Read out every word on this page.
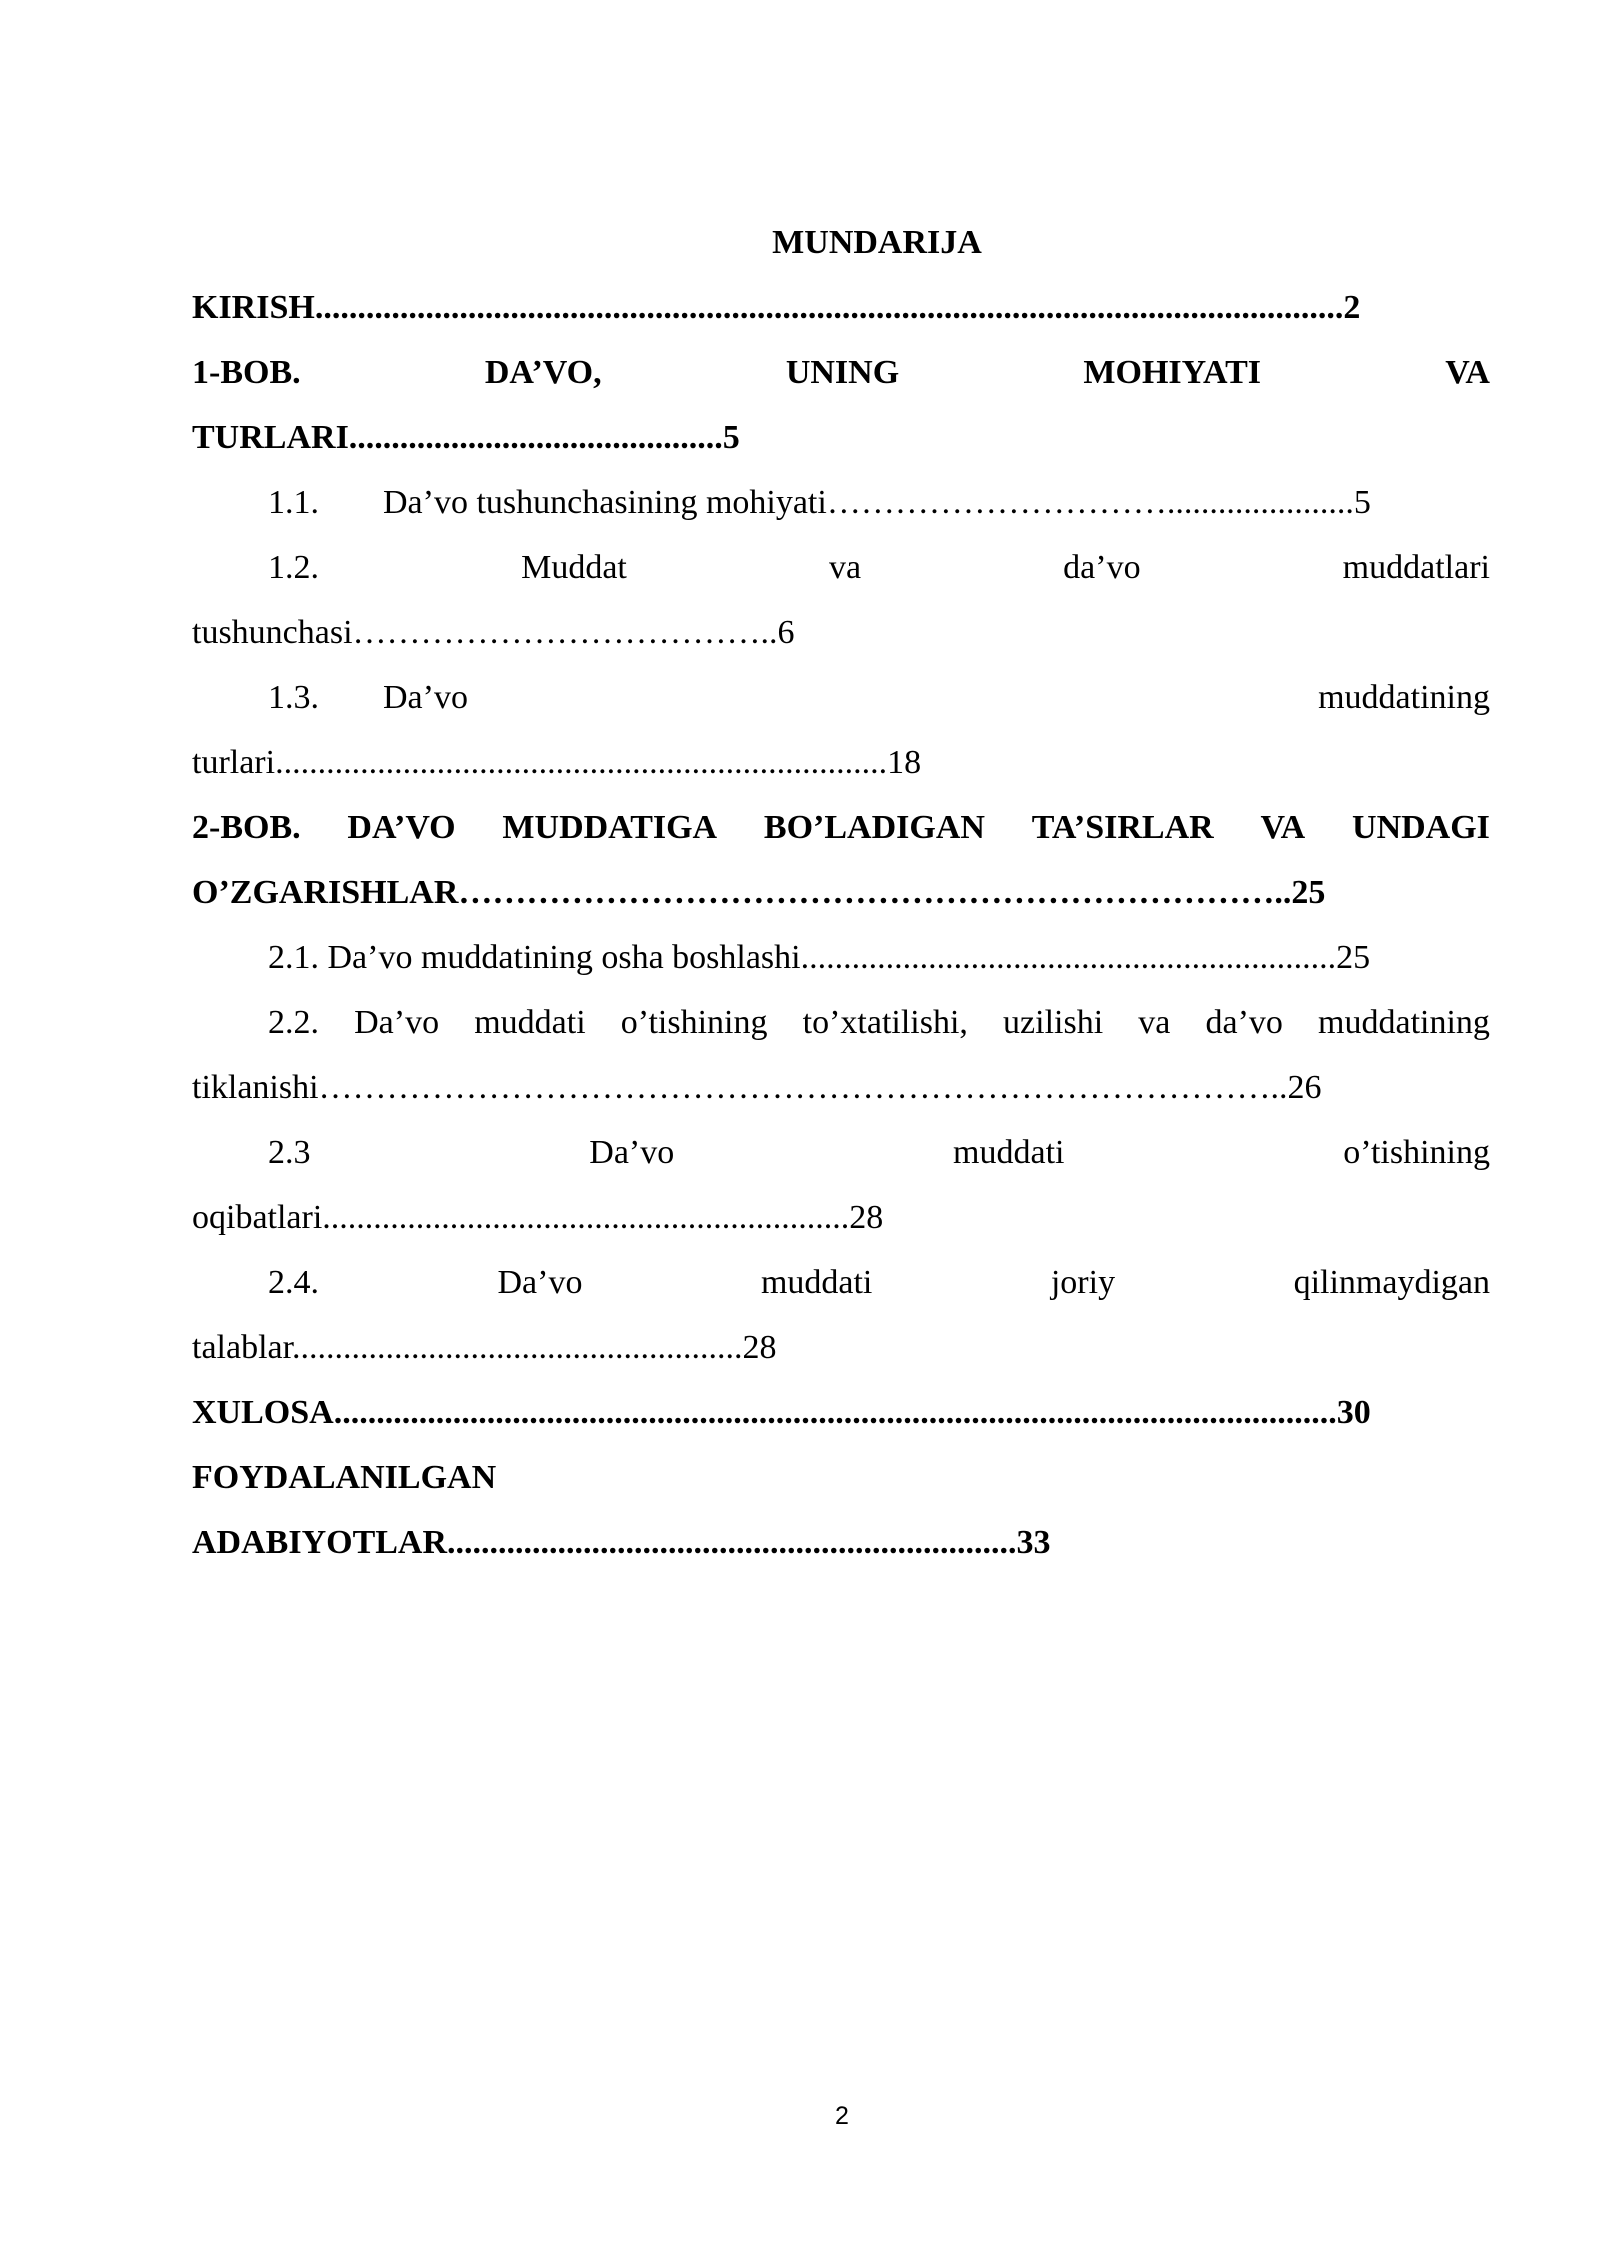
MUNDARIJA
KIRISH.........................................................................................................................2
1-BOB.	DA’VO,	UNING	MOHIYATI	VA
TURLARI............................................5
1.1. Da’vo tushunchasining mohiyati…………………………......................5
1.2.	Muddat	va	da’vo	muddatlari
tushunchasi………………………………..6
1.3.	Da’vo	muddatining
turlari........................................................................18
2-BOB. DA’VO MUDDATIGA BO’LADIGAN TA’SIRLAR VA UNDAGI
O’ZGARISHLAR………………………………………………………………..25
2.1. Da’vo muddatining osha boshlashi...............................................................25
2.2. Da’vo muddati o’tishining to’xtatilishi, uzilishi va da’vo muddatining
tiklanishi…………………………………………………………………………..26
2.3	Da’vo	muddati	o’tishining
oqibatlari..............................................................28
2.4.	Da’vo	muddati	joriy	qilinmaydigan
talablar.....................................................28
XULOSA......................................................................................................................30
FOYDALANILGAN
ADABIYOTLAR...................................................................33
2
